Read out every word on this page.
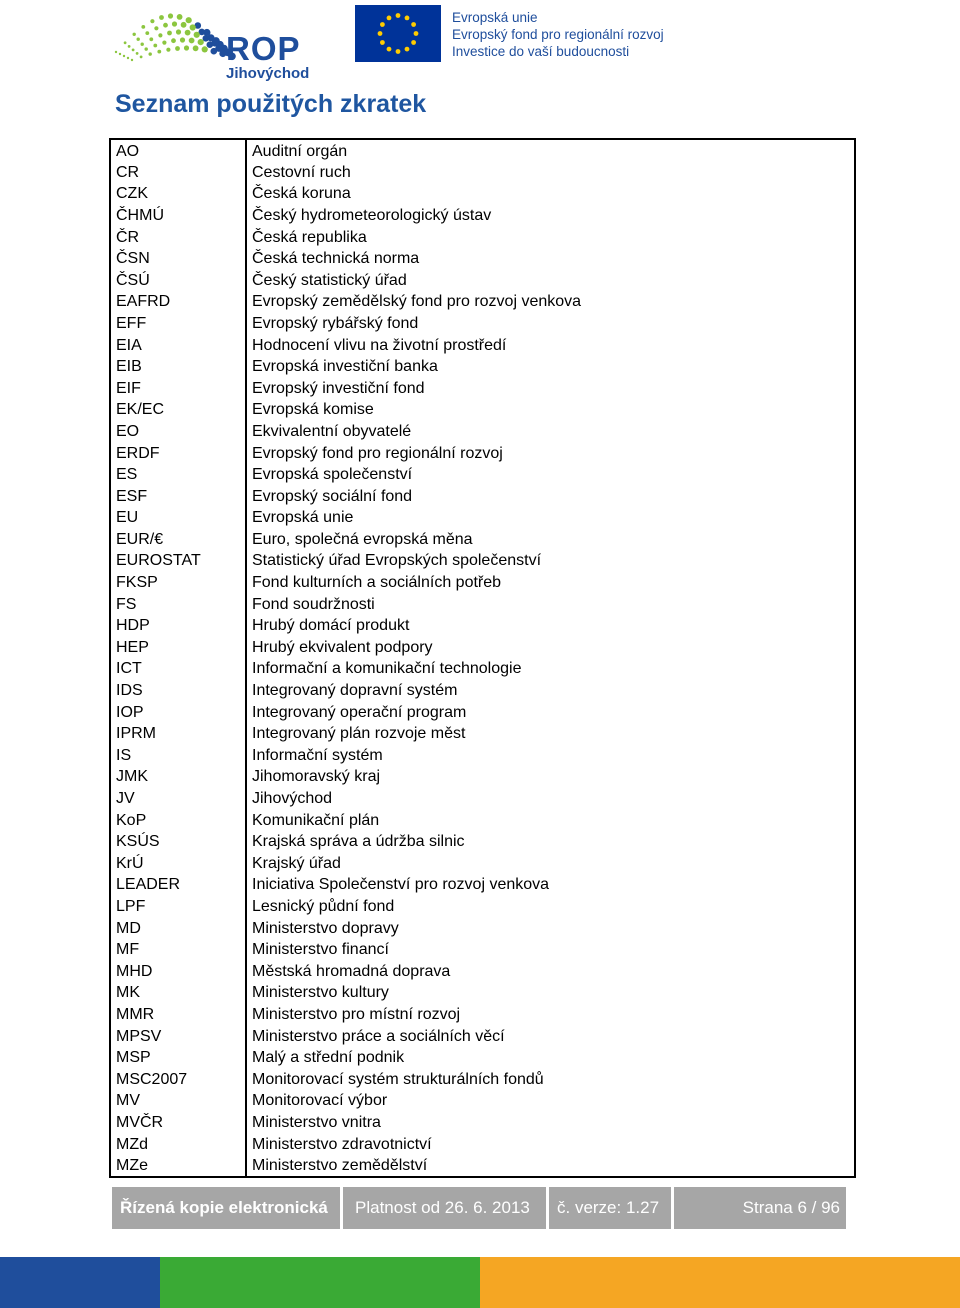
ROP
Jihovýchod
Evropská unie
Evropský fond pro regionální rozvoj
Investice do vaší budoucnosti
Seznam použitých zkratek
AO	Auditní orgán
CR	Cestovní ruch
CZK	Česká koruna
ČHMÚ	Český hydrometeorologický ústav
ČR	Česká republika
ČSN	Česká technická norma
ČSÚ	Český statistický úřad
EAFRD	Evropský zemědělský fond pro rozvoj venkova
EFF	Evropský rybářský fond
EIA	Hodnocení vlivu na životní prostředí
EIB	Evropská investiční banka
EIF	Evropský investiční fond
EK/EC	Evropská komise
EO	Ekvivalentní obyvatelé
ERDF	Evropský fond pro regionální rozvoj
ES	Evropská společenství
ESF	Evropský sociální fond
EU	Evropská unie
EUR/€	Euro, společná evropská měna
EUROSTAT	Statistický úřad Evropských společenství
FKSP	Fond kulturních a sociálních potřeb
FS	Fond soudržnosti
HDP	Hrubý domácí produkt
HEP	Hrubý ekvivalent podpory
ICT	Informační a komunikační technologie
IDS	Integrovaný dopravní systém
IOP	Integrovaný operační program
IPRM	Integrovaný plán rozvoje měst
IS	Informační systém
JMK	Jihomoravský kraj
JV	Jihovýchod
KoP	Komunikační plán
KSÚS	Krajská správa a údržba silnic
KrÚ	Krajský úřad
LEADER	Iniciativa Společenství pro rozvoj venkova
LPF	Lesnický půdní fond
MD	Ministerstvo dopravy
MF	Ministerstvo financí
MHD	Městská hromadná doprava
MK	Ministerstvo kultury
MMR	Ministerstvo pro místní rozvoj
MPSV	Ministerstvo práce a sociálních věcí
MSP	Malý a střední podnik
MSC2007	Monitorovací systém strukturálních fondů
MV	Monitorovací výbor
MVČR	Ministerstvo vnitra
MZd	Ministerstvo zdravotnictví
MZe	Ministerstvo zemědělství
Řízená kopie elektronická	Platnost od 26. 6. 2013	č. verze: 1.27	Strana 6 / 96
